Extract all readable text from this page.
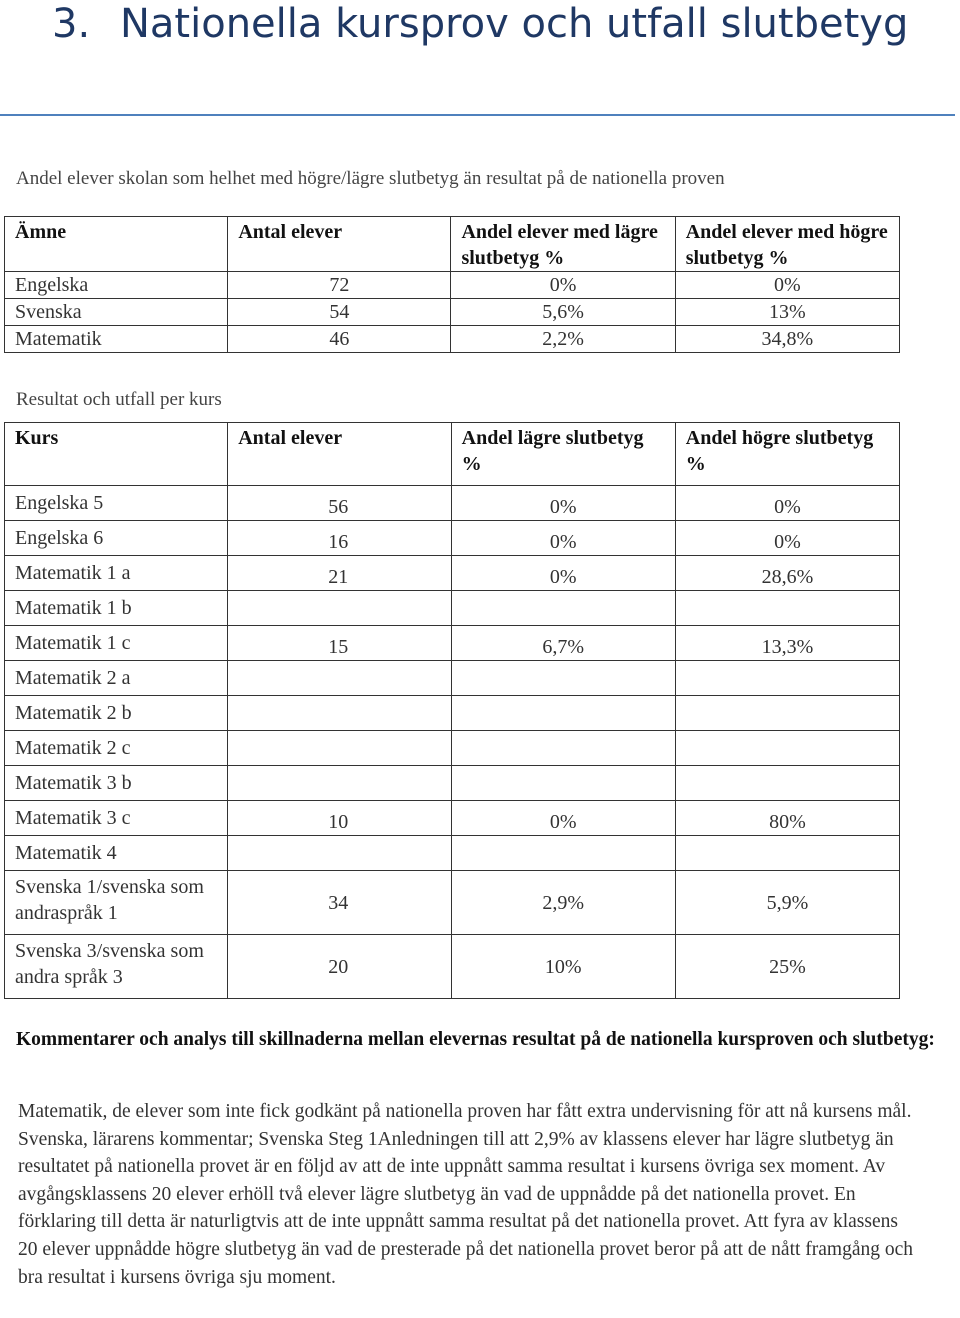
3. Nationella kursprov och utfall slutbetyg
Andel elever skolan som helhet med högre/lägre slutbetyg än resultat på de nationella proven
Ämne	Antal elever	Andel elever med lägre slutbetyg %	Andel elever med högre slutbetyg %
Engelska	72	0%	0%
Svenska	54	5,6%	13%
Matematik	46	2,2%	34,8%
Resultat och utfall per kurs
Kurs	Antal elever	Andel lägre slutbetyg %	Andel högre slutbetyg %
Engelska 5	56	0%	0%
Engelska 6	16	0%	0%
Matematik 1 a	21	0%	28,6%
Matematik 1 b			
Matematik 1 c	15	6,7%	13,3%
Matematik 2 a			
Matematik 2 b			
Matematik 2 c			
Matematik 3 b			
Matematik 3 c	10	0%	80%
Matematik 4			
Svenska 1/svenska som andraspråk 1	34	2,9%	5,9%
Svenska 3/svenska som andra språk 3	20	10%	25%
Kommentarer och analys till skillnaderna mellan elevernas resultat på de nationella kursproven och slutbetyg:
Matematik, de elever som inte fick godkänt på nationella proven har fått extra undervisning för att nå kursens mål. Svenska, lärarens kommentar; Svenska Steg 1Anledningen till att 2,9% av klassens elever har lägre slutbetyg än resultatet på nationella provet är en följd av att de inte uppnått samma resultat i kursens övriga sex moment. Av avgångsklassens 20 elever erhöll två elever lägre slutbetyg än vad de uppnådde på det nationella provet. En förklaring till detta är naturligtvis att de inte uppnått samma resultat på det nationella provet. Att fyra av klassens 20 elever uppnådde högre slutbetyg än vad de presterade på det nationella provet beror på att de nått framgång och bra resultat i kursens övriga sju moment.
